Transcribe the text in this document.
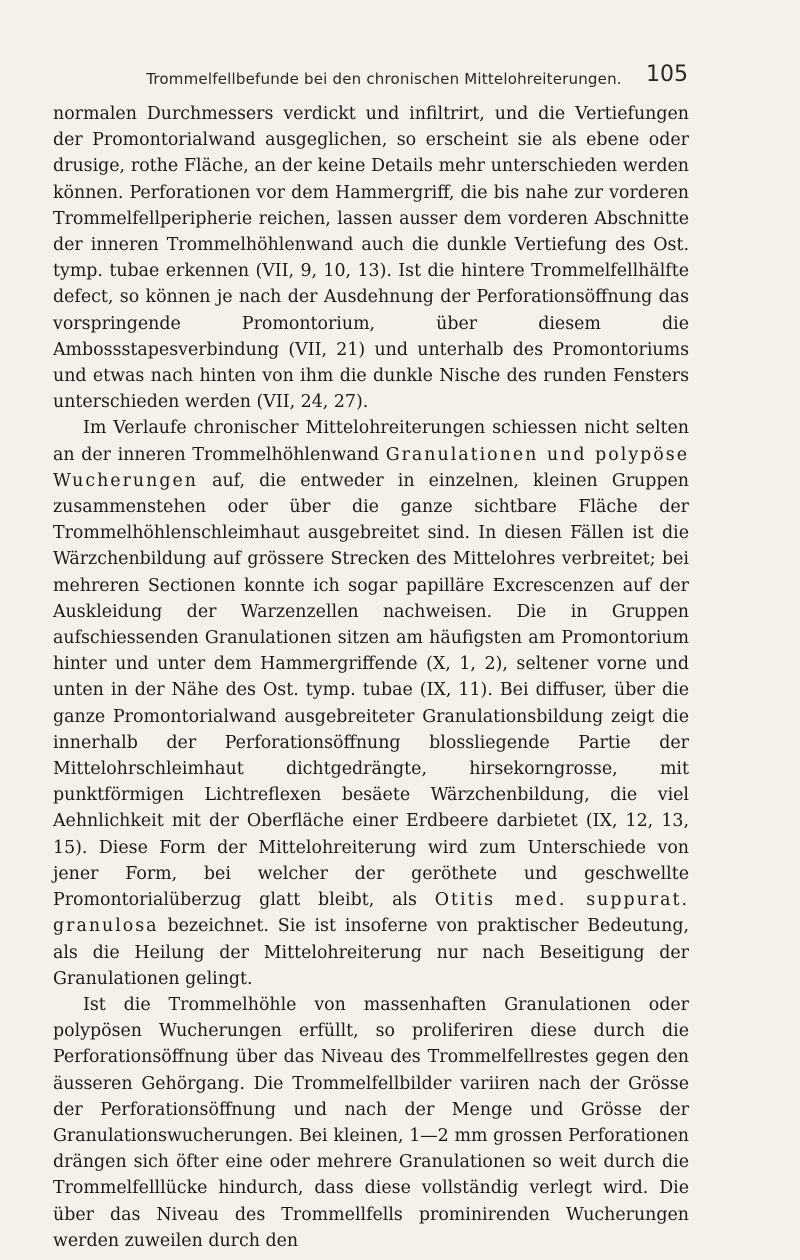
Trommelfellbefunde bei den chronischen Mittelohreiterungen.	105

normalen Durchmessers verdickt und infiltrirt, und die Vertiefungen der Promontorialwand ausgeglichen, so erscheint sie als ebene oder drusige, rothe Fläche, an der keine Details mehr unterschieden werden können. Perforationen vor dem Hammergriff, die bis nahe zur vorderen Trommelfellperipherie reichen, lassen ausser dem vorderen Abschnitte der inneren Trommelhöhlenwand auch die dunkle Vertiefung des Ost. tymp. tubae erkennen (VII, 9, 10, 13). Ist die hintere Trommelfellhälfte defect, so können je nach der Ausdehnung der Perforationsöffnung das vorspringende Promontorium, über diesem die Ambossstapesverbindung (VII, 21) und unterhalb des Promontoriums und etwas nach hinten von ihm die dunkle Nische des runden Fensters unterschieden werden (VII, 24, 27).

Im Verlaufe chronischer Mittelohreiterungen schiessen nicht selten an der inneren Trommelhöhlenwand Granulationen und polypöse Wucherungen auf, die entweder in einzelnen, kleinen Gruppen zusammenstehen oder über die ganze sichtbare Fläche der Trommelhöhlenschleimhaut ausgebreitet sind. In diesen Fällen ist die Wärzchenbildung auf grössere Strecken des Mittelohres verbreitet; bei mehreren Sectionen konnte ich sogar papilläre Excrescenzen auf der Auskleidung der Warzenzellen nachweisen. Die in Gruppen aufschiessenden Granulationen sitzen am häufigsten am Promontorium hinter und unter dem Hammergriffende (X, 1, 2), seltener vorne und unten in der Nähe des Ost. tymp. tubae (IX, 11). Bei diffuser, über die ganze Promontorialwand ausgebreiteter Granulationsbildung zeigt die innerhalb der Perforationsöffnung blossliegende Partie der Mittelohrschleimhaut dichtgedrängte, hirsekorngrosse, mit punktförmigen Lichtreflexen besäete Wärzchenbildung, die viel Aehnlichkeit mit der Oberfläche einer Erdbeere darbietet (IX, 12, 13, 15). Diese Form der Mittelohreiterung wird zum Unterschiede von jener Form, bei welcher der geröthete und geschwellte Promontorialüberzug glatt bleibt, als Otitis med. suppurat. granulosa bezeichnet. Sie ist insoferne von praktischer Bedeutung, als die Heilung der Mittelohreiterung nur nach Beseitigung der Granulationen gelingt.

Ist die Trommelhöhle von massenhaften Granulationen oder polypösen Wucherungen erfüllt, so proliferiren diese durch die Perforationsöffnung über das Niveau des Trommelfellrestes gegen den äusseren Gehörgang. Die Trommelfellbilder variiren nach der Grösse der Perforationsöffnung und nach der Menge und Grösse der Granulationswucherungen. Bei kleinen, 1—2 mm grossen Perforationen drängen sich öfter eine oder mehrere Granulationen so weit durch die Trommelfelllücke hindurch, dass diese vollständig verlegt wird. Die über das Niveau des Trommellfells prominirenden Wucherungen werden zuweilen durch den
